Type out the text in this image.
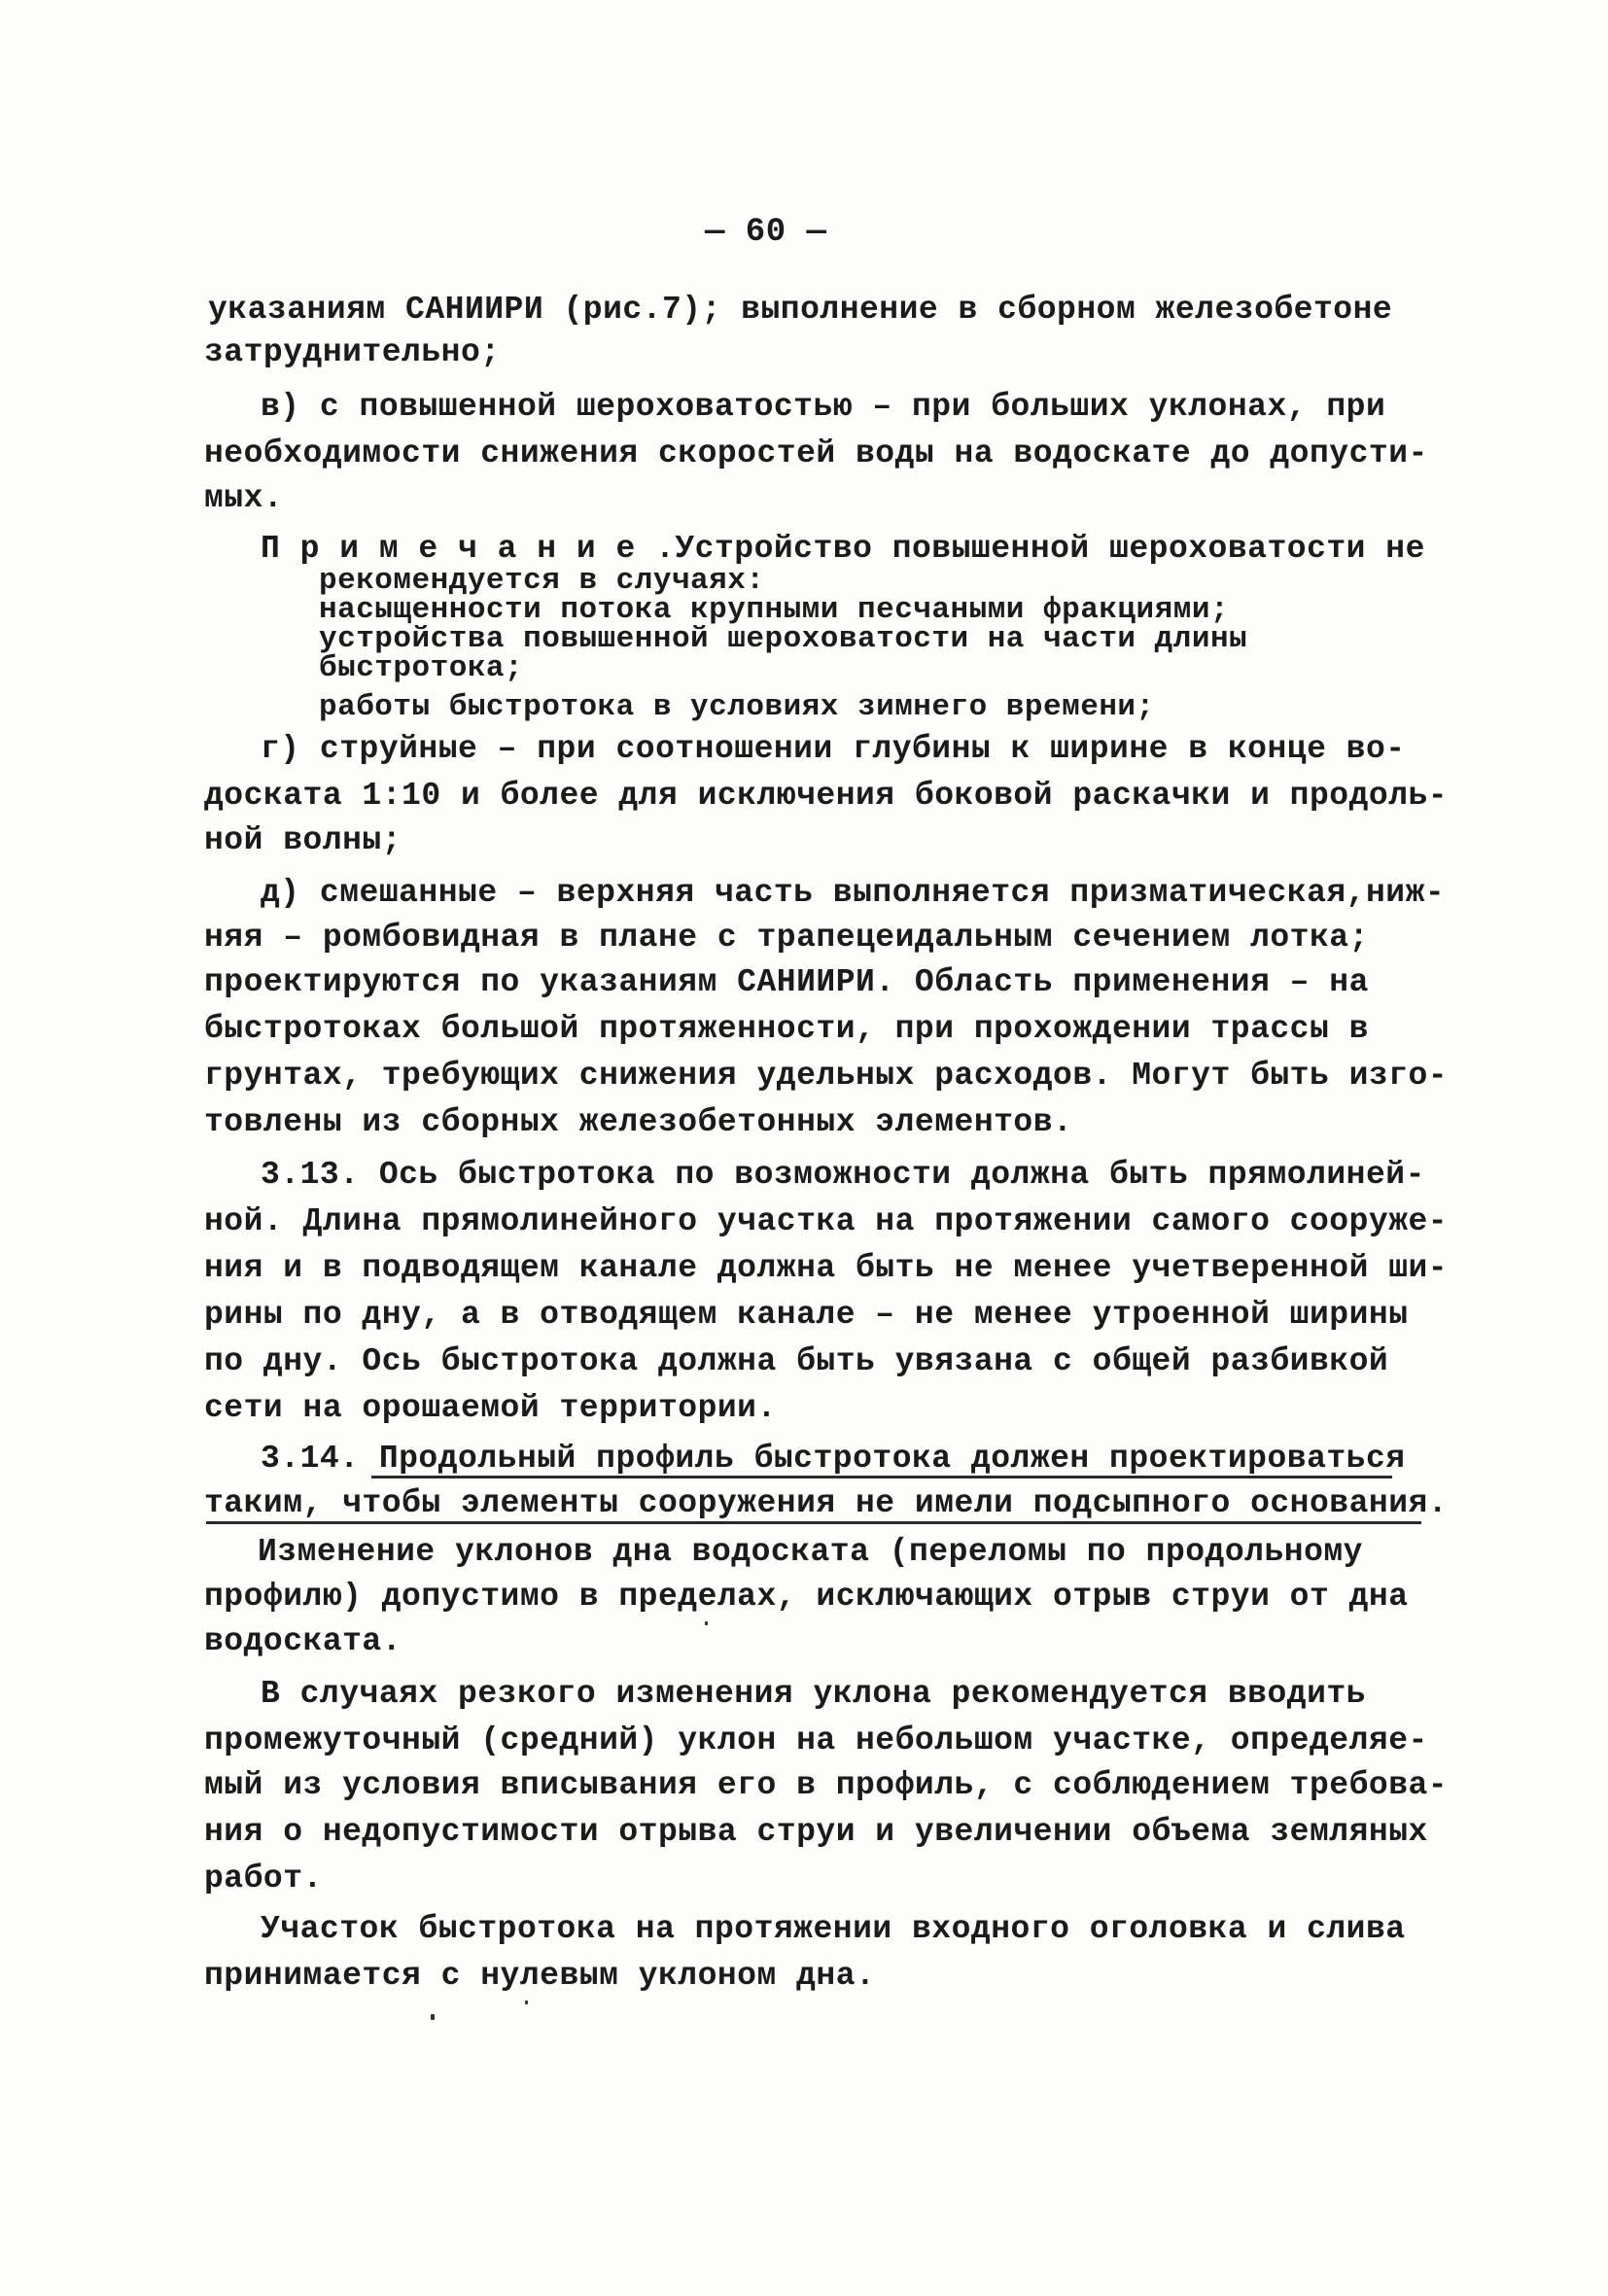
— 60 —
указаниям САНИИРИ (рис.7); выполнение в сборном железобетоне
затруднительно;
в) с повышенной шероховатостью – при больших уклонах, при
необходимости снижения скоростей воды на водоскате до допусти-
мых.
П р и м е ч а н и е .Устройство повышенной шероховатости не
рекомендуется в случаях:
насыщенности потока крупными песчаными фракциями;
устройства повышенной шероховатости на части длины
быстротока;
работы быстротока в условиях зимнего времени;
г) струйные – при соотношении глубины к ширине в конце во-
доската 1:10 и более для исключения боковой раскачки и продоль-
ной волны;
д) смешанные – верхняя часть выполняется призматическая,ниж-
няя – ромбовидная в плане с трапецеидальным сечением лотка;
проектируются по указаниям САНИИРИ. Область применения – на
быстротоках большой протяженности, при прохождении трассы в
грунтах, требующих снижения удельных расходов. Могут быть изго-
товлены из сборных железобетонных элементов.
3.13. Ось быстротока по возможности должна быть прямолиней-
ной. Длина прямолинейного участка на протяжении самого сооруже-
ния и в подводящем канале должна быть не менее учетверенной ши-
рины по дну, а в отводящем канале – не менее утроенной ширины
по дну. Ось быстротока должна быть увязана с общей разбивкой
сети на орошаемой территории.
3.14. Продольный профиль быстротока должен проектироваться
таким, чтобы элементы сооружения не имели подсыпного основания.
Изменение уклонов дна водоската (переломы по продольному
профилю) допустимо в пределах, исключающих отрыв струи от дна
водоската.
В случаях резкого изменения уклона рекомендуется вводить
промежуточный (средний) уклон на небольшом участке, определяе-
мый из условия вписывания его в профиль, с соблюдением требова-
ния о недопустимости отрыва струи и увеличении объема земляных
работ.
Участок быстротока на протяжении входного оголовка и слива
принимается с нулевым уклоном дна.
